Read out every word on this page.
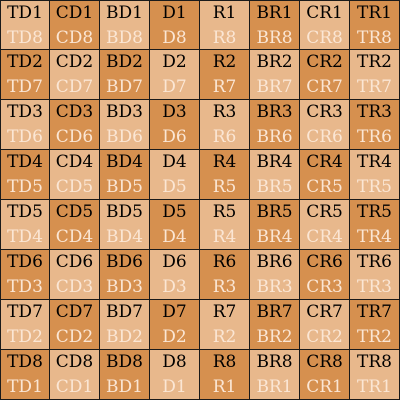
TD1
TD8
CD1
CD8
BD1
BD8
D1
D8
R1
R8
BR1
BR8
CR1
CR8
TR1
TR8
TD2
TD7
CD2
CD7
BD2
BD7
D2
D7
R2
R7
BR2
BR7
CR2
CR7
TR2
TR7
TD3
TD6
CD3
CD6
BD3
BD6
D3
D6
R3
R6
BR3
BR6
CR3
CR6
TR3
TR6
TD4
TD5
CD4
CD5
BD4
BD5
D4
D5
R4
R5
BR4
BR5
CR4
CR5
TR4
TR5
TD5
TD4
CD5
CD4
BD5
BD4
D5
D4
R5
R4
BR5
BR4
CR5
CR4
TR5
TR4
TD6
TD3
CD6
CD3
BD6
BD3
D6
D3
R6
R3
BR6
BR3
CR6
CR3
TR6
TR3
TD7
TD2
CD7
CD2
BD7
BD2
D7
D2
R7
R2
BR7
BR2
CR7
CR2
TR7
TR2
TD8
TD1
CD8
CD1
BD8
BD1
D8
D1
R8
R1
BR8
BR1
CR8
CR1
TR8
TR1
